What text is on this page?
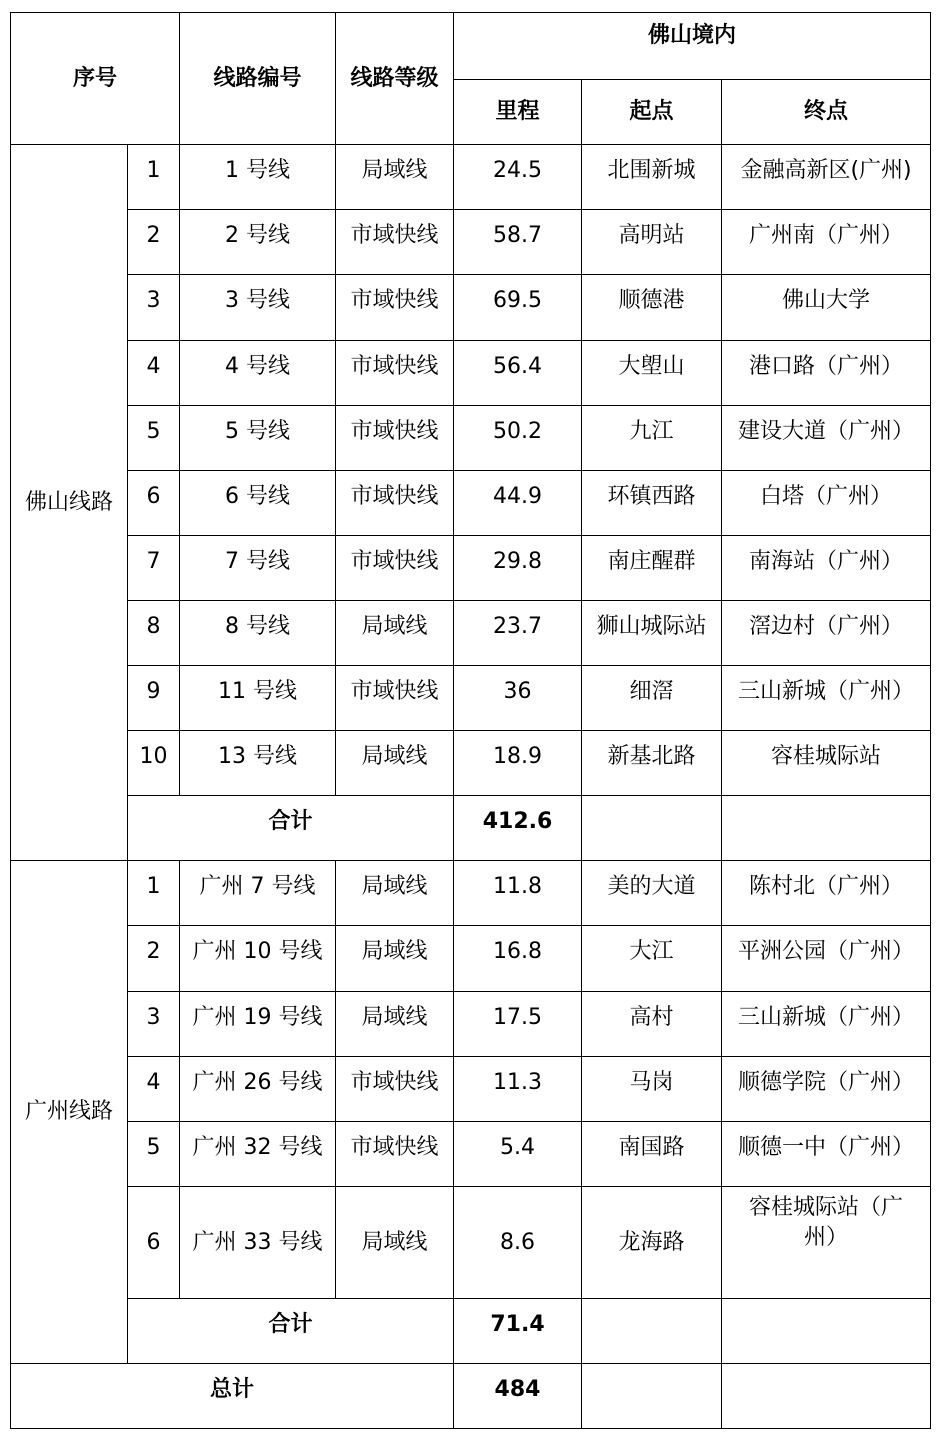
序号		线路编号	线路等级	佛山境内		
				里程	起点	终点
佛山线路	1	1 号线	局域线	24.5	北围新城	金融高新区(广州)
	2	2 号线	市域快线	58.7	高明站	广州南（广州）
	3	3 号线	市域快线	69.5	顺德港	佛山大学
	4	4 号线	市域快线	56.4	大塱山	港口路（广州）
	5	5 号线	市域快线	50.2	九江	建设大道（广州）
	6	6 号线	市域快线	44.9	环镇西路	白塔（广州）
	7	7 号线	市域快线	29.8	南庄醒群	南海站（广州）
	8	8 号线	局域线	23.7	狮山城际站	滘边村（广州）
	9	11 号线	市域快线	36	细滘	三山新城（广州）
	10	13 号线	局域线	18.9	新基北路	容桂城际站
	合计			412.6		
广州线路	1	广州 7 号线	局域线	11.8	美的大道	陈村北（广州）
	2	广州 10 号线	局域线	16.8	大江	平洲公园（广州）
	3	广州 19 号线	局域线	17.5	高村	三山新城（广州）
	4	广州 26 号线	市域快线	11.3	马岗	顺德学院（广州）
	5	广州 32 号线	市域快线	5.4	南国路	顺德一中（广州）
	6	广州 33 号线	局域线	8.6	龙海路	容桂城际站（广州）
	合计			71.4		
总计				484		
